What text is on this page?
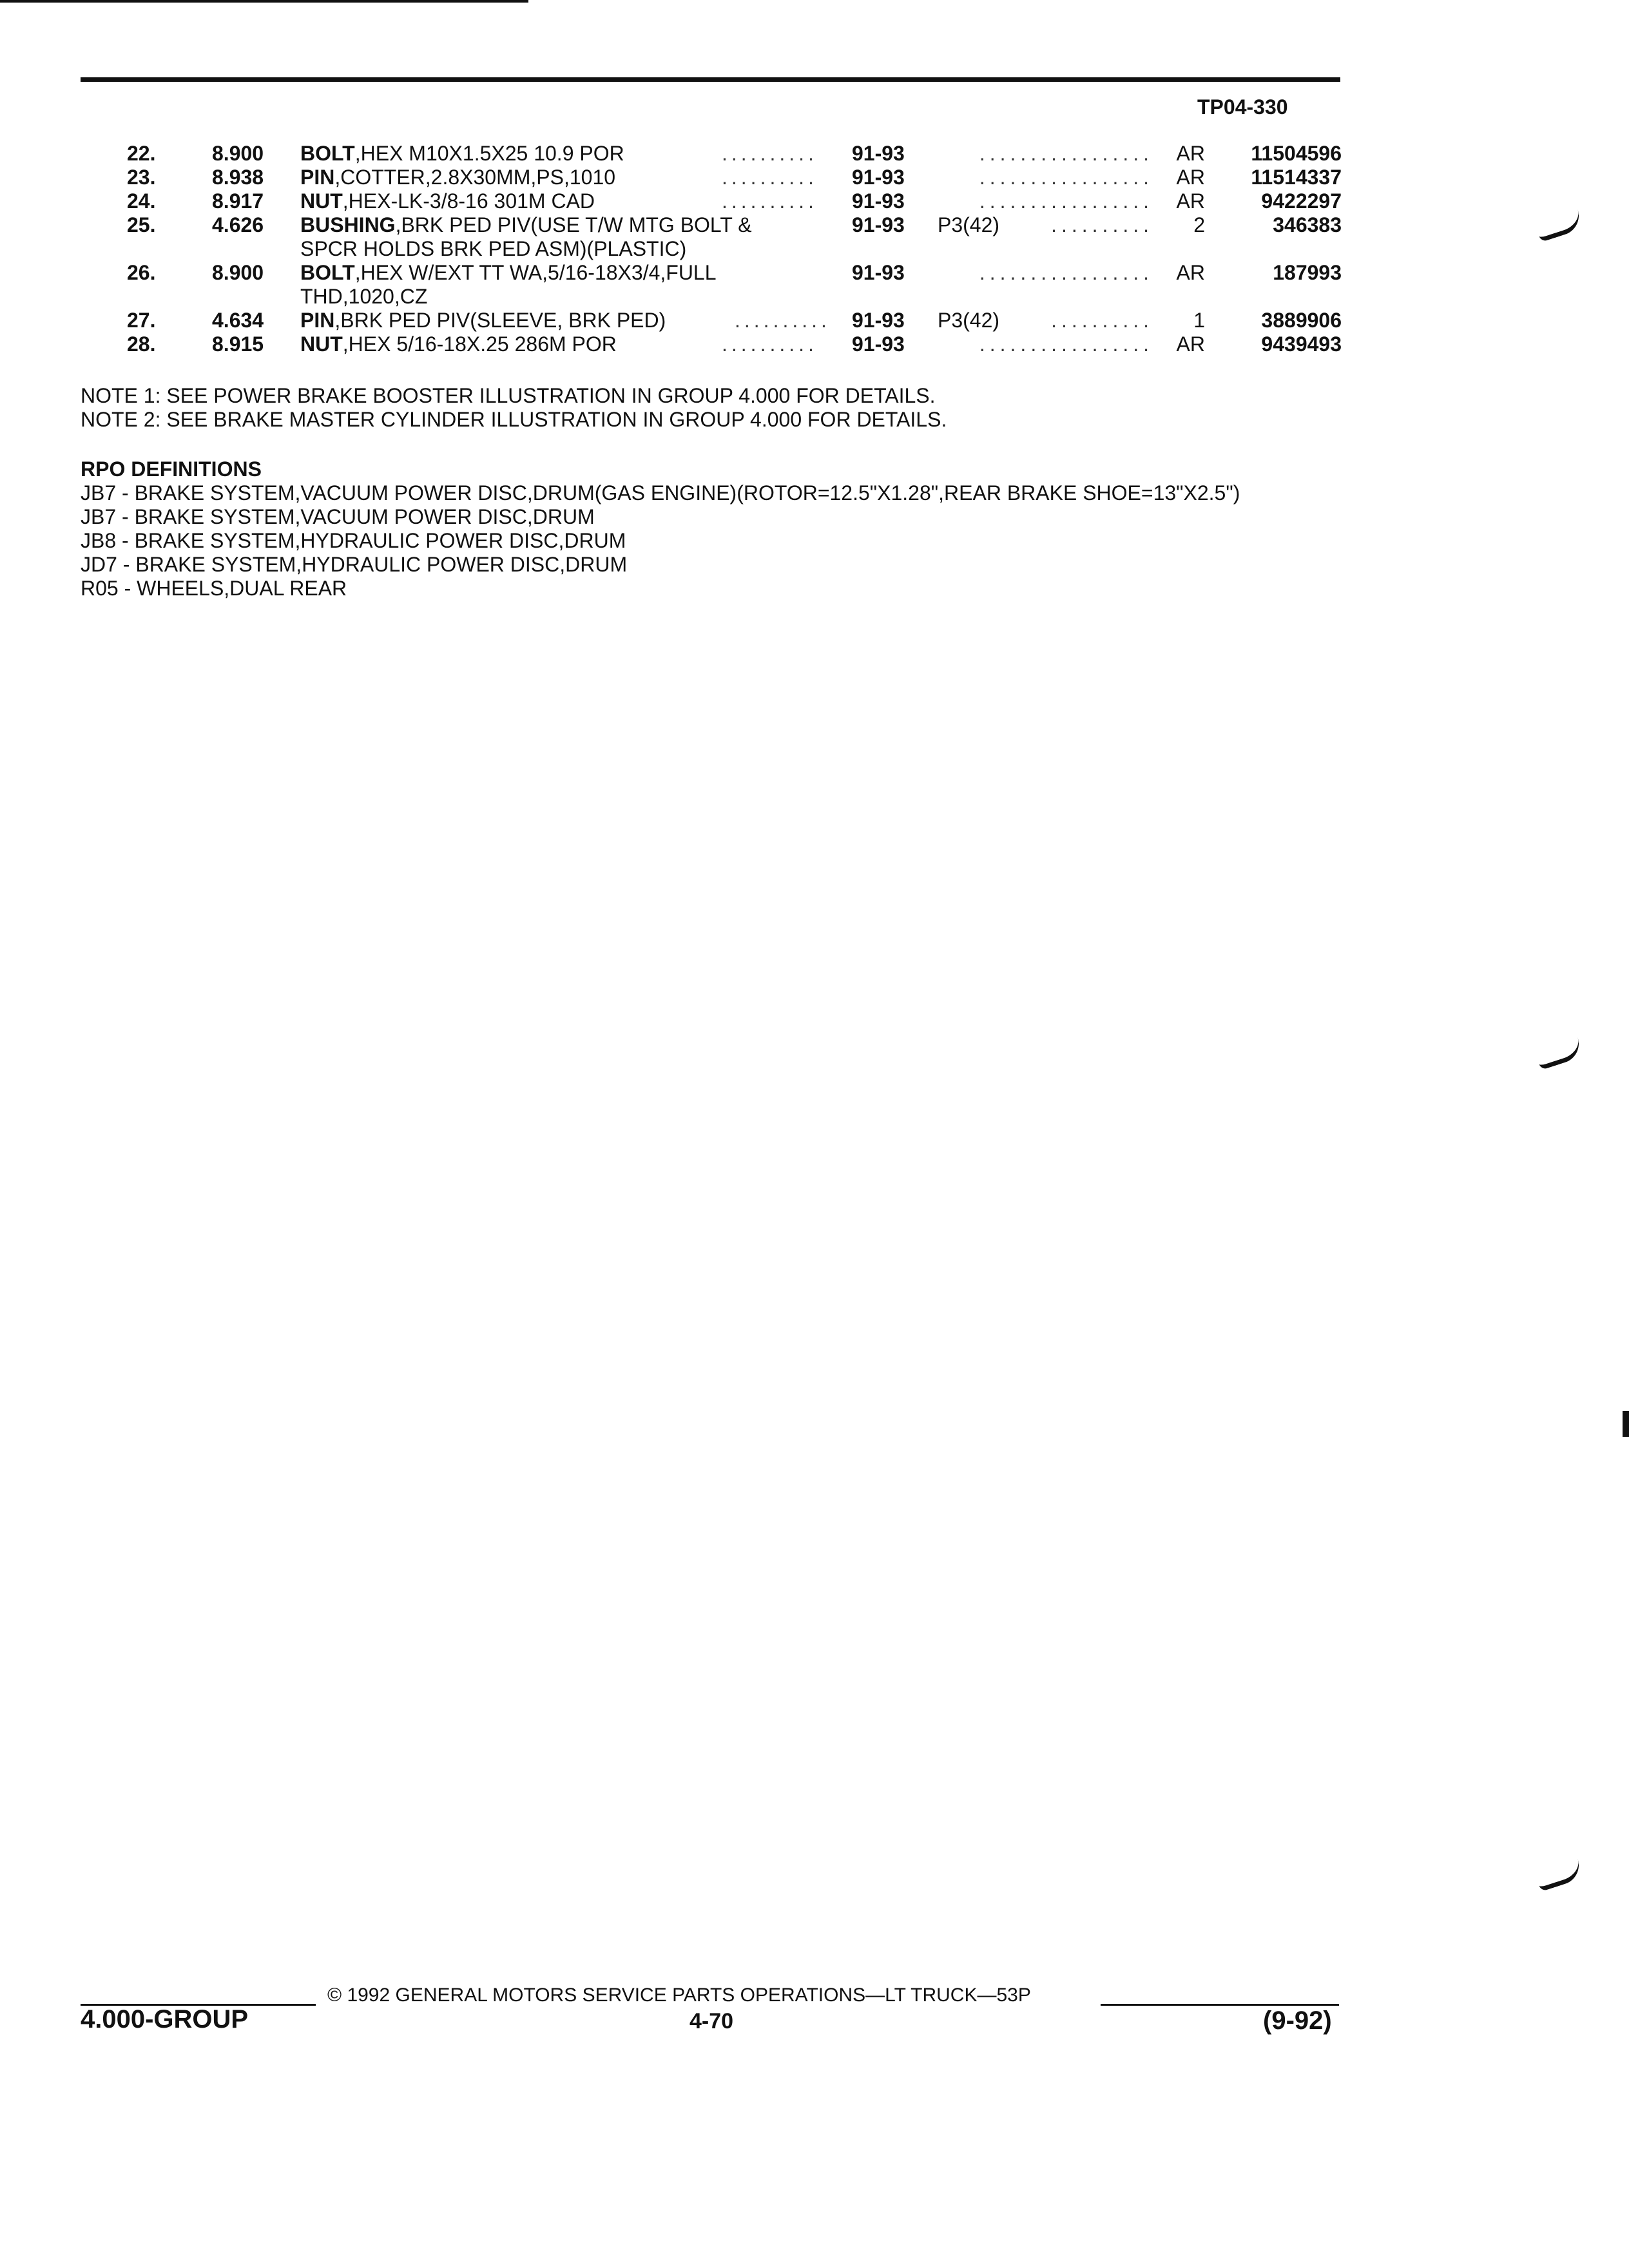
TP04-330
22.	8.900 BOLT,HEX M10X1.5X25 10.9 POR	..........	91-93	.................	AR 11504596
23.	8.938 PIN,COTTER,2.8X30MM,PS,1010	..........	91-93	.................	AR 11514337
24.	8.917 NUT,HEX-LK-3/8-16 301M CAD	..........	91-93	.................	AR	9422297
25.	4.626 BUSHING,BRK PED PIV(USE T/W MTG BOLT &
SPCR HOLDS BRK PED ASM)(PLASTIC)
91-93 P3(42)	..........	2	346383
26.	8.900 BOLT,HEX W/EXT TT WA,5/16-18X3/4,FULL
THD,1020,CZ
91-93	.................	AR	187993
27.	4.634 PIN,BRK PED PIV(SLEEVE, BRK PED)	.......... 91-93 P3(42)	..........	1	3889906
28.	8.915 NUT,HEX 5/16-18X.25 286M POR	..........	91-93	.................	AR	9439493
NOTE 1: SEE POWER BRAKE BOOSTER ILLUSTRATION IN GROUP 4.000 FOR DETAILS.
NOTE 2: SEE BRAKE MASTER CYLINDER ILLUSTRATION IN GROUP 4.000 FOR DETAILS.
RPO DEFINITIONS
JB7 - BRAKE SYSTEM,VACUUM POWER DISC,DRUM(GAS ENGINE)(ROTOR=12.5"X1.28",REAR BRAKE SHOE=13"X2.5")
JB7 - BRAKE SYSTEM,VACUUM POWER DISC,DRUM
JB8 - BRAKE SYSTEM,HYDRAULIC POWER DISC,DRUM
JD7 - BRAKE SYSTEM,HYDRAULIC POWER DISC,DRUM
R05 - WHEELS,DUAL REAR
© 1992 GENERAL MOTORS SERVICE PARTS OPERATIONS—LT TRUCK—53P
4.000-GROUP	4-70	(9-92)
